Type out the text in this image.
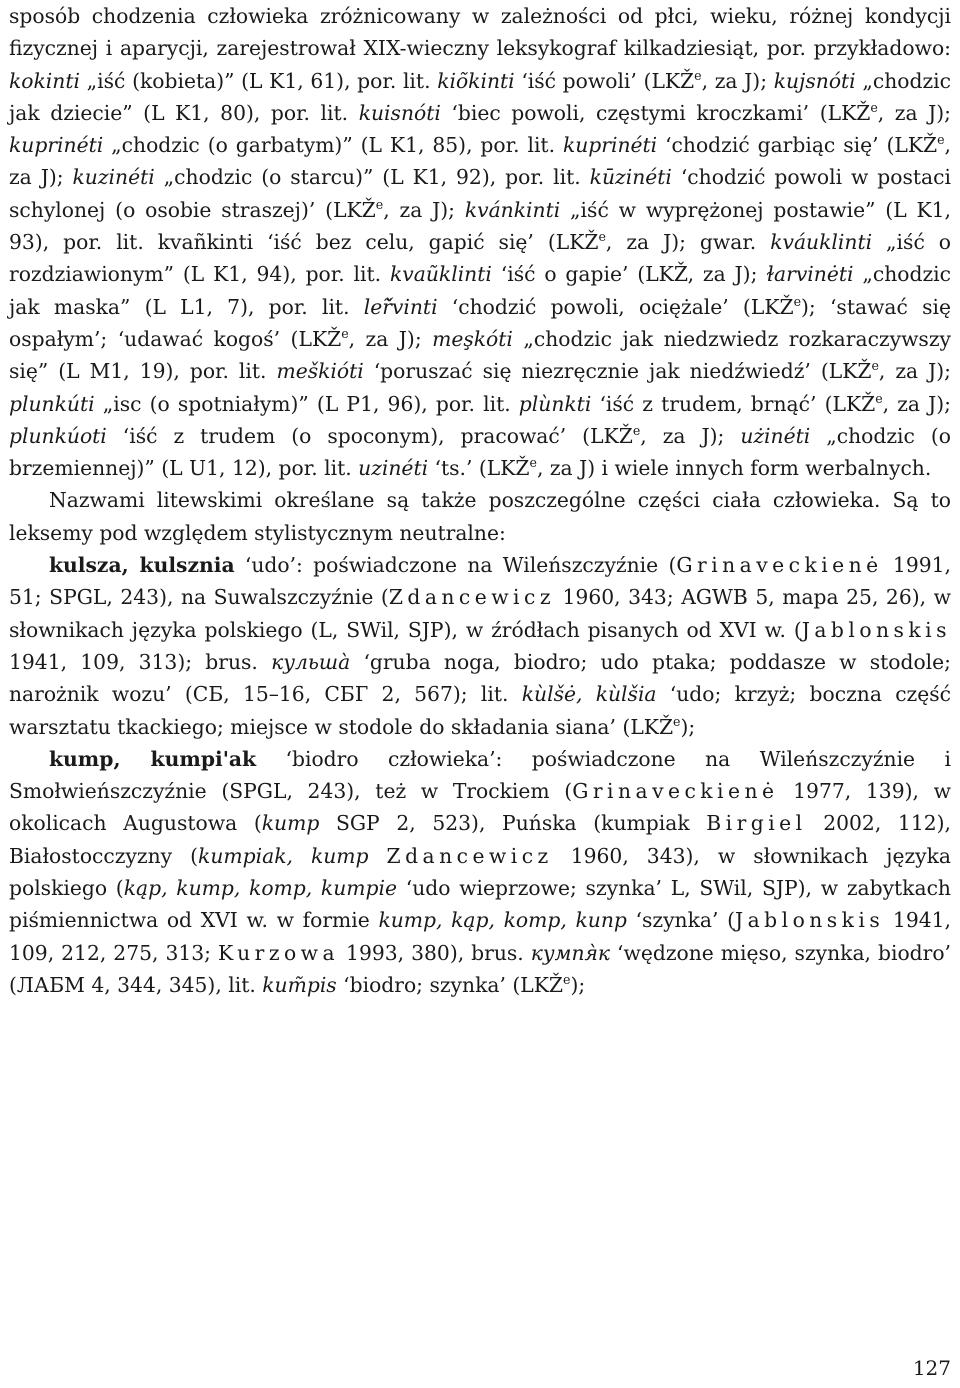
sposób chodzenia człowieka zróżnicowany w zależności od płci, wieku, różnej kondycji fizycznej i aparycji, zarejestrował XIX-wieczny leksykograf kilkadziesiąt, por. przykładowo: kokinti „iść (kobieta)” (L K1, 61), por. lit. kiõkinti ‘iść powoli’ (LKŽ$^e$, za J); kujsnóti „chodzic jak dziecie” (L K1, 80), por. lit. kuisnóti ‘biec powoli, częstymi kroczkami’ (LKŽ$^e$, za J); kuprinéti „chodzic (o garbatym)” (L K1, 85), por. lit. kuprinéti ‘chodzić garbiąc się’ (LKŽ$^e$, za J); kuzinéti „chodzic (o starcu)” (L K1, 92), por. lit. kūzinéti ‘chodzić powoli w postaci schylonej (o osobie straszej)’ (LKŽ$^e$, za J); kvánkinti „iść w wyprężonej postawie” (L K1, 93), por. lit. kvañkinti ‘iść bez celu, gapić się’ (LKŽ$^e$, za J); gwar. kváuklinti „iść o rozdziawionym” (L K1, 94), por. lit. kvaũklinti ‘iść o gapie’ (LKŽ, za J); ɫarvinėti „chodzic jak maska” (L L1, 7), por. lit. leř̃vinti ‘chodzić powoli, ociężale’ (LKŽ$^e$); ‘stawać się ospałym’; ‘udawać kogoś’ (LKŽ$^e$, za J); meşkóti „chodzic jak niedzwiedz rozkaraczywszy się” (L M1, 19), por. lit. meškióti ‘poruszać się niezręcznie jak niedźwiedź’ (LKŽ$^e$, za J); plunkúti „isc (o spotniałym)” (L P1, 96), por. lit. plùnkti ‘iść z trudem, brnąć’ (LKŽ$^e$, za J); plunkúoti ‘iść z trudem (o spoconym), pracować’ (LKŽ$^e$, za J); użinéti „chodzic (o brzemiennej)” (L U1, 12), por. lit. uzinéti ‘ts.’ (LKŽ$^e$, za J) i wiele innych form werbalnych.

Nazwami litewskimi określane są także poszczególne części ciała człowieka. Są to leksemy pod względem stylistycznym neutralne:

kulsza, kulsznia ‘udo’: poświadczone na Wileńszczyźnie (Grinaveckienė 1991, 51; SPGL, 243), na Suwalszczyźnie (Zdancewicz 1960, 343; AGWB 5, mapa 25, 26), w słownikach języka polskiego (L, SWil, SJP), w źródłach pisanych od XVI w. (Jablonskis 1941, 109, 313); brus. кульша̀ ‘gruba noga, biodro; udo ptaka; poddasze w stodole; narożnik wozu’ (СБ, 15–16, СБГ 2, 567); lit. kùlšė, kùlšia ‘udo; krzyż; boczna część warsztatu tkackiego; miejsce w stodole do składania siana’ (LKŽ$^e$);

kump, kumpi'ak ‘biodro człowieka’: poświadczone na Wileńszczyźnie i Smołwieńszczyźnie (SPGL, 243), też w Trockiem (Grinaveckienė 1977, 139), w okolicach Augustowa (kump SGP 2, 523), Puńska (kumpiak Birgiel 2002, 112), Białostocczyzny (kumpiak, kump Zdancewicz 1960, 343), w słownikach języka polskiego (kąp, kump, komp, kumpie ‘udo wieprzowe; szynka’ L, SWil, SJP), w zabytkach piśmiennictwa od XVI w. w formie kump, kąp, komp, kunp ‘szynka’ (Jablonskis 1941, 109, 212, 275, 313; Kurzowa 1993, 380), brus. кумпя̀к ‘wędzone mięso, szynka, biodro’ (ЛАБМ 4, 344, 345), lit. kum̃pis ‘biodro; szynka’ (LKŽ$^e$);

127
